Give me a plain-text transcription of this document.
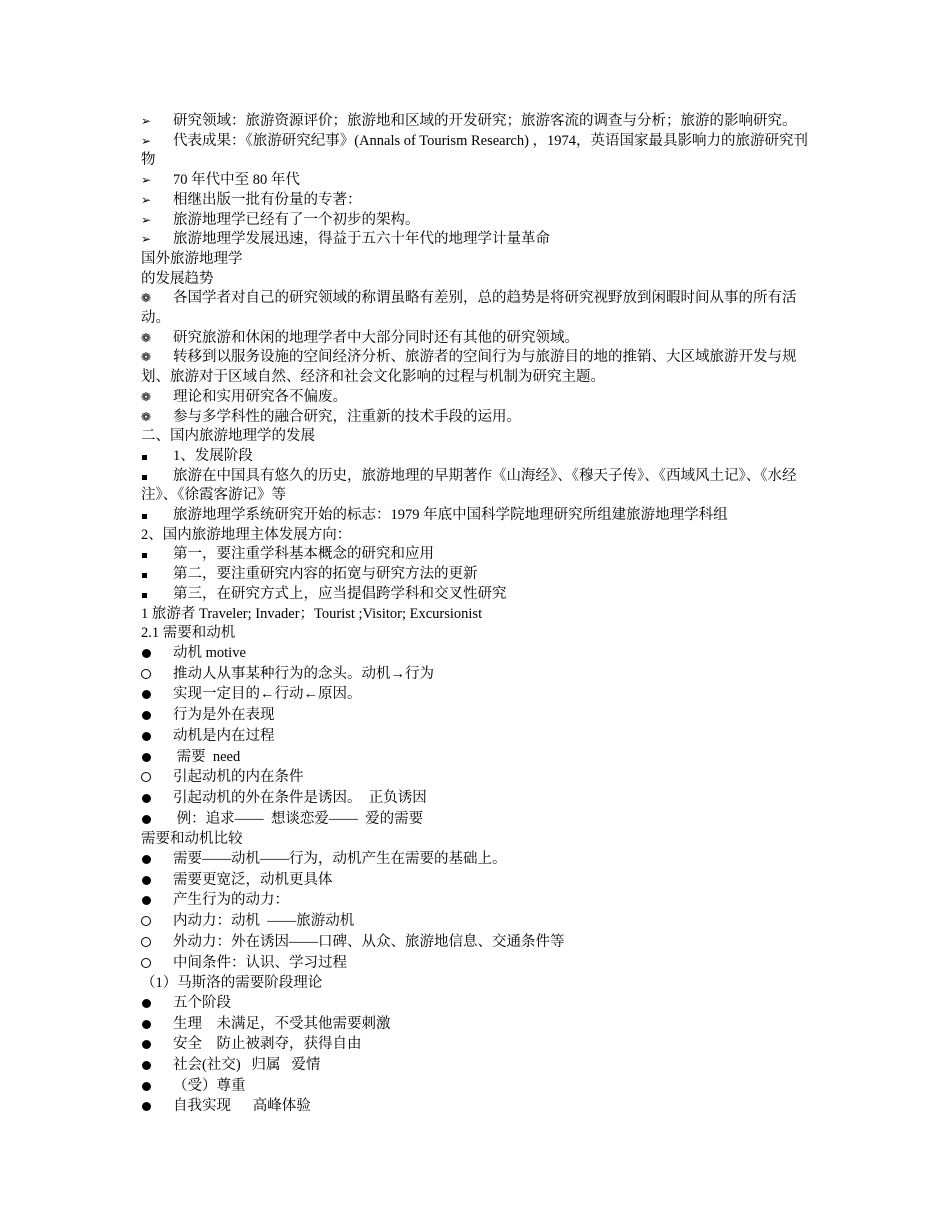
➢ 研究领域：旅游资源评价；旅游地和区域的开发研究；旅游客流的调查与分析；旅游的影响研究。
➢ 代表成果：《旅游研究纪事》(Annals of Tourism Research) ，1974，英语国家最具影响力的旅游研究刊物
➢	70 年代中至 80 年代
➢	相继出版一批有份量的专著：
➢	旅游地理学已经有了一个初步的架构。
➢	旅游地理学发展迅速，得益于五六十年代的地理学计量革命
国外旅游地理学
的发展趋势
❁ 各国学者对自己的研究领域的称谓虽略有差别，总的趋势是将研究视野放到闲暇时间从事的所有活动。
❁	研究旅游和休闲的地理学者中大部分同时还有其他的研究领域。
❁ 转移到以服务设施的空间经济分析、旅游者的空间行为与旅游目的地的推销、大区域旅游开发与规划、旅游对于区域自然、经济和社会文化影响的过程与机制为研究主题。
❁	理论和实用研究各不偏废。
❁	参与多学科性的融合研究，注重新的技术手段的运用。
二、国内旅游地理学的发展
1、发展阶段
旅游在中国具有悠久的历史，旅游地理的早期著作《山海经》、《穆天子传》、《西域风土记》、《水经注》、《徐霞客游记》等
旅游地理学系统研究开始的标志：1979 年底中国科学院地理研究所组建旅游地理学科组
2、国内旅游地理主体发展方向：
第一，要注重学科基本概念的研究和应用
第二，要注重研究内容的拓宽与研究方法的更新
第三，在研究方式上，应当提倡跨学科和交叉性研究
1 旅游者 Traveler; Invader；Tourist ;Visitor; Excursionist
2.1 需要和动机
动机 motive
推动人从事某种行为的念头。动机→行为
实现一定目的←行动←原因。
行为是外在表现
动机是内在过程
需要  need
引起动机的内在条件
引起动机的外在条件是诱因。  正负诱因
例：追求——  想谈恋爱——  爱的需要
需要和动机比较
需要——动机——行为，动机产生在需要的基础上。
需要更宽泛，动机更具体
产生行为的动力：
内动力：动机  ——旅游动机
外动力：外在诱因——口碑、从众、旅游地信息、交通条件等
中间条件：认识、学习过程
（1）马斯洛的需要阶段理论
五个阶段
生理    未满足，不受其他需要刺激
安全    防止被剥夺，获得自由
社会(社交)   归属   爱情
（受）尊重
自我实现      高峰体验
